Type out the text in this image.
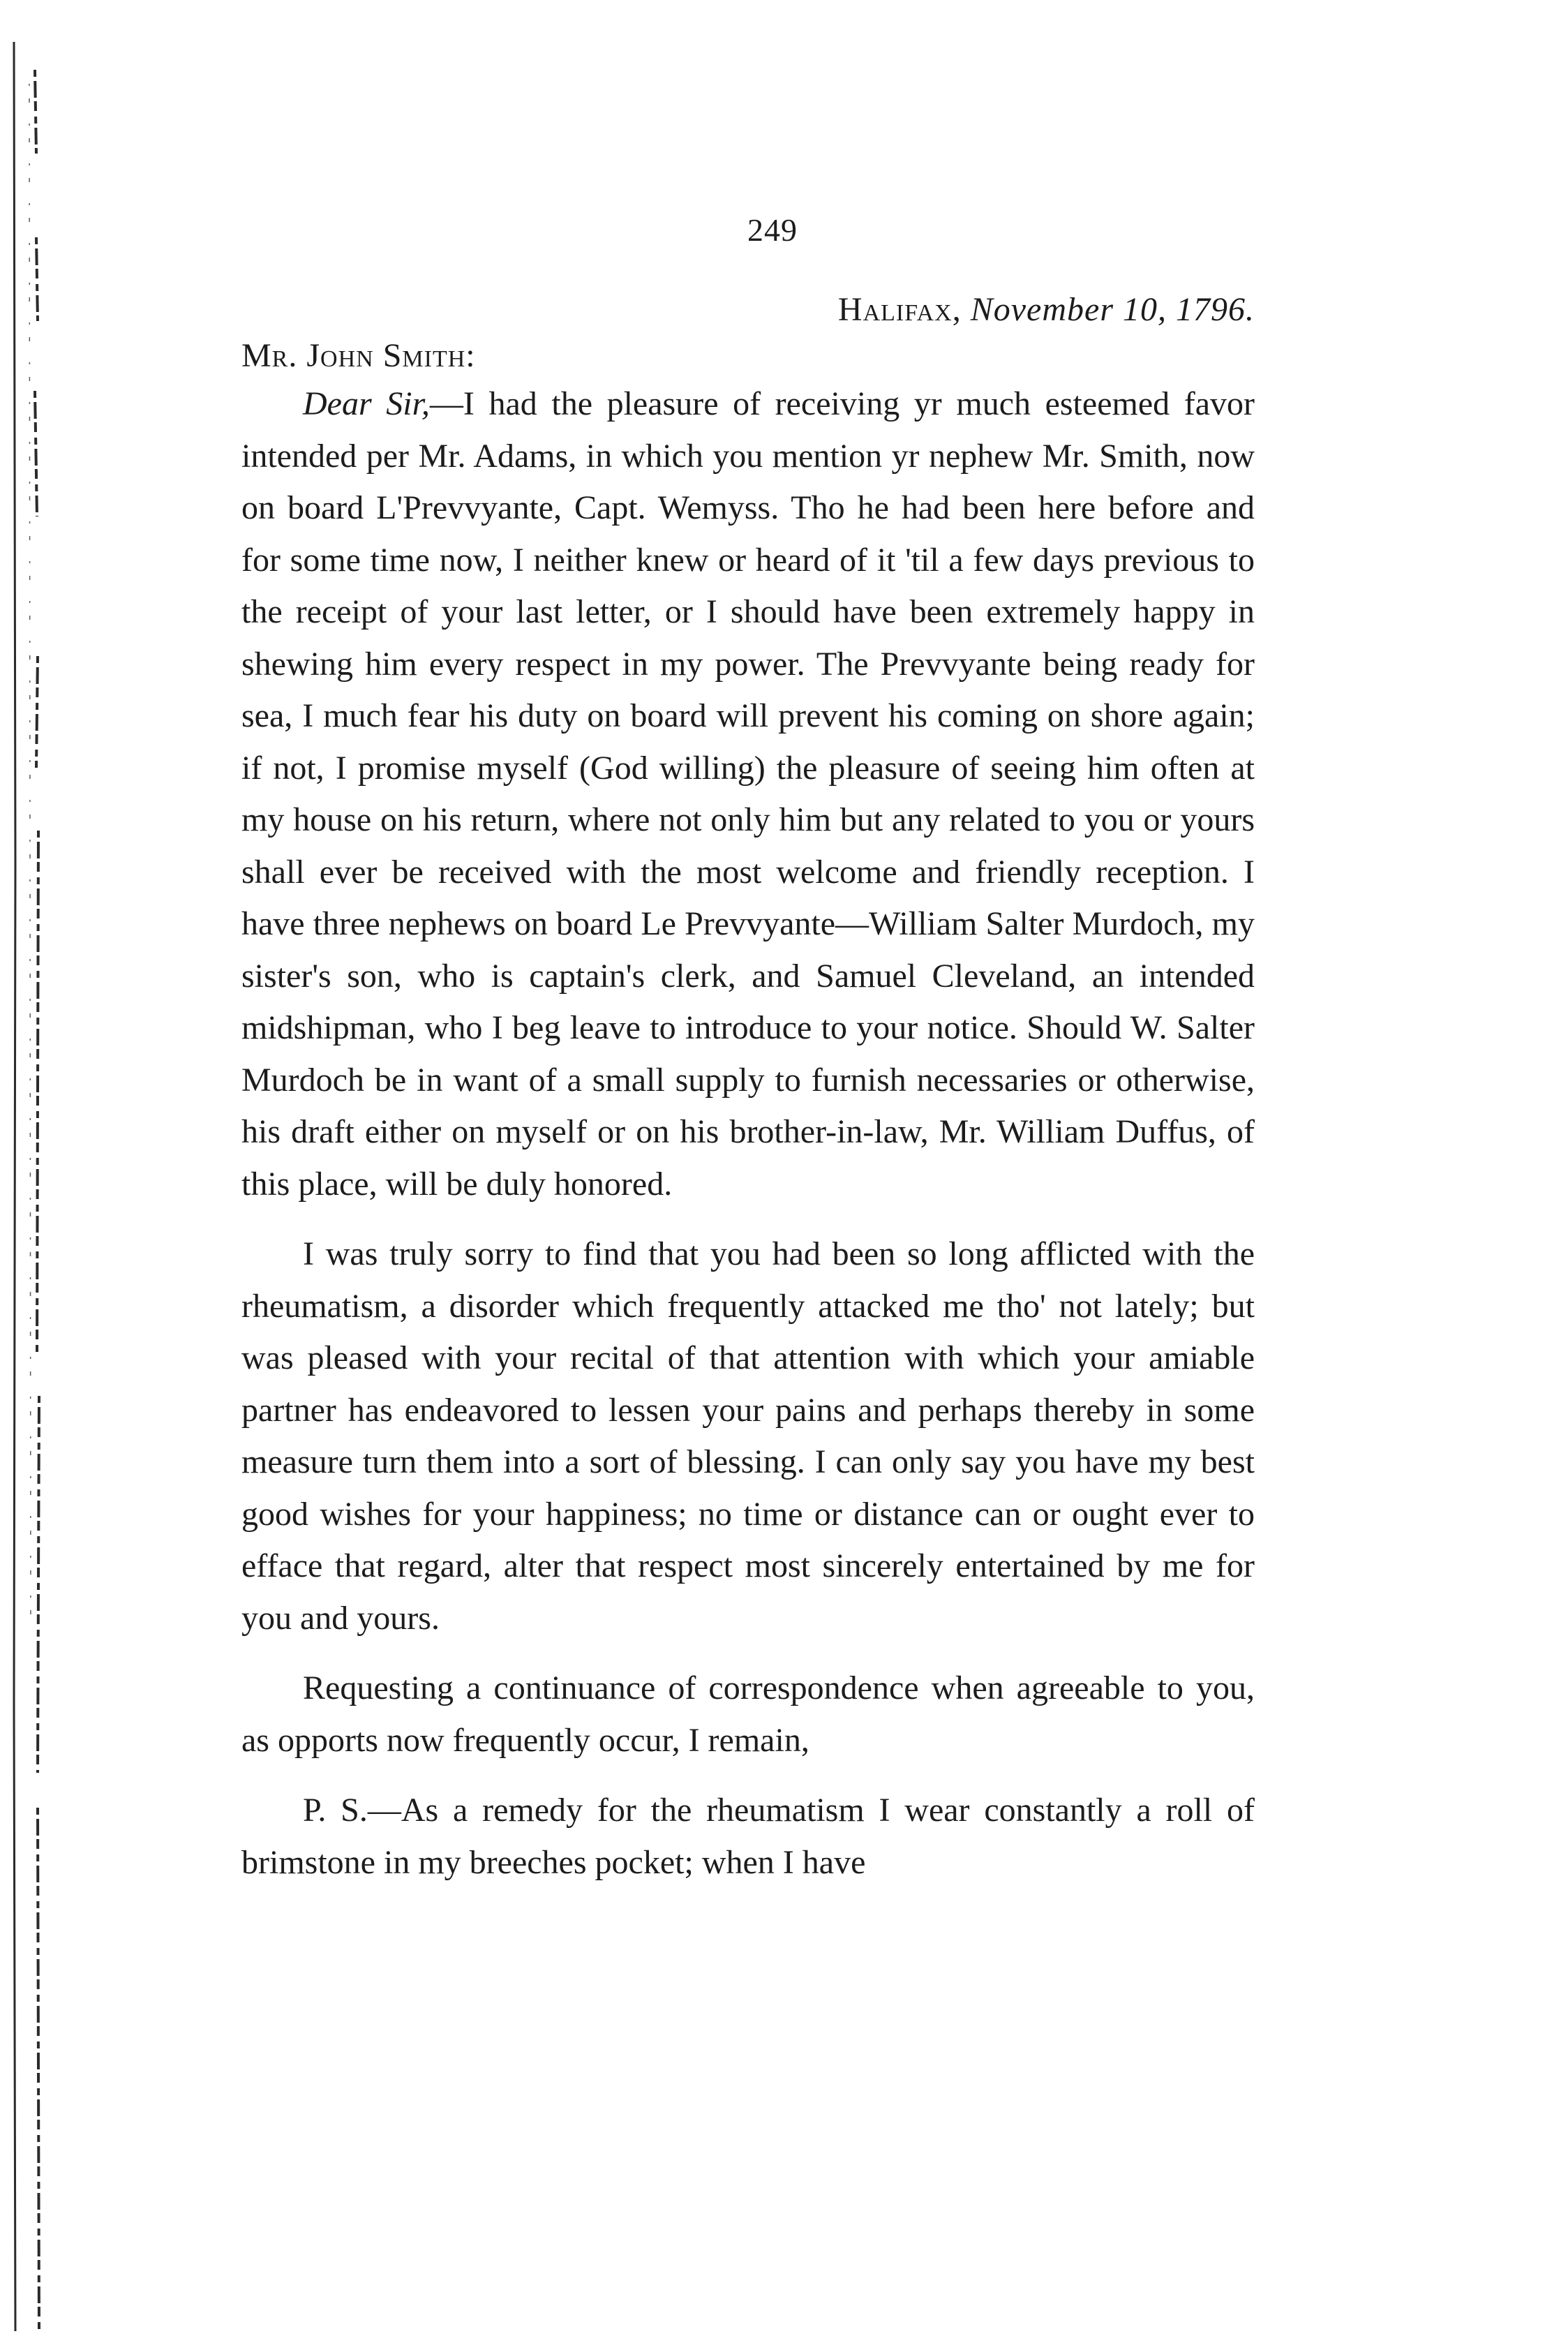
249
Halifax, November 10, 1796.
Mr. John Smith:

Dear Sir,—I had the pleasure of receiving yr much esteemed favor intended per Mr. Adams, in which you mention yr nephew Mr. Smith, now on board L'Prevvyante, Capt. Wemyss. Tho he had been here before and for some time now, I neither knew or heard of it 'til a few days previous to the receipt of your last letter, or I should have been extremely happy in shewing him every respect in my power. The Prevvyante being ready for sea, I much fear his duty on board will prevent his coming on shore again; if not, I promise myself (God willing) the pleasure of seeing him often at my house on his return, where not only him but any related to you or yours shall ever be received with the most welcome and friendly reception. I have three nephews on board Le Prevvyante—William Salter Murdoch, my sister's son, who is captain's clerk, and Samuel Cleveland, an intended midshipman, who I beg leave to introduce to your notice. Should W. Salter Murdoch be in want of a small supply to furnish necessaries or otherwise, his draft either on myself or on his brother-in-law, Mr. William Duffus, of this place, will be duly honored.

I was truly sorry to find that you had been so long afflicted with the rheumatism, a disorder which frequently attacked me tho' not lately; but was pleased with your recital of that attention with which your amiable partner has endeavored to lessen your pains and perhaps thereby in some measure turn them into a sort of blessing. I can only say you have my best good wishes for your happiness; no time or distance can or ought ever to efface that regard, alter that respect most sincerely entertained by me for you and yours.

Requesting a continuance of correspondence when agreeable to you, as opports now frequently occur, I remain,

P. S.—As a remedy for the rheumatism I wear constantly a roll of brimstone in my breeches pocket; when I have
